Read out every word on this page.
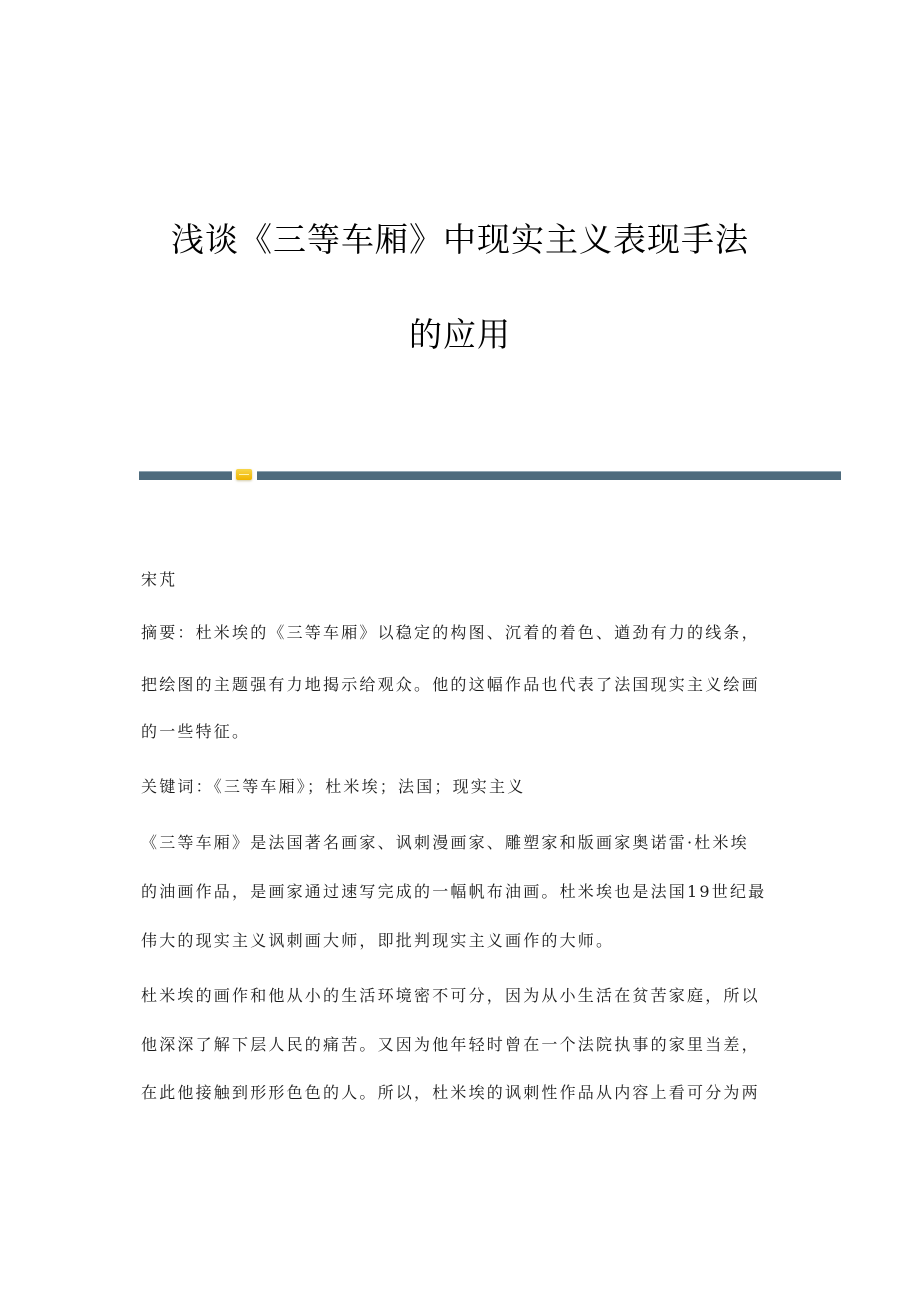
浅谈《三等车厢》中现实主义表现手法
的应用
宋芃
摘要：杜米埃的《三等车厢》以稳定的构图、沉着的着色、遒劲有力的线条，
把绘图的主题强有力地揭示给观众。他的这幅作品也代表了法国现实主义绘画
的一些特征。
关键词：《三等车厢》；杜米埃；法国；现实主义
《三等车厢》是法国著名画家、讽刺漫画家、雕塑家和版画家奥诺雷·杜米埃
的油画作品，是画家通过速写完成的一幅帆布油画。杜米埃也是法国19世纪最
伟大的现实主义讽刺画大师，即批判现实主义画作的大师。
杜米埃的画作和他从小的生活环境密不可分，因为从小生活在贫苦家庭，所以
他深深了解下层人民的痛苦。又因为他年轻时曾在一个法院执事的家里当差，
在此他接触到形形色色的人。所以，杜米埃的讽刺性作品从内容上看可分为两
